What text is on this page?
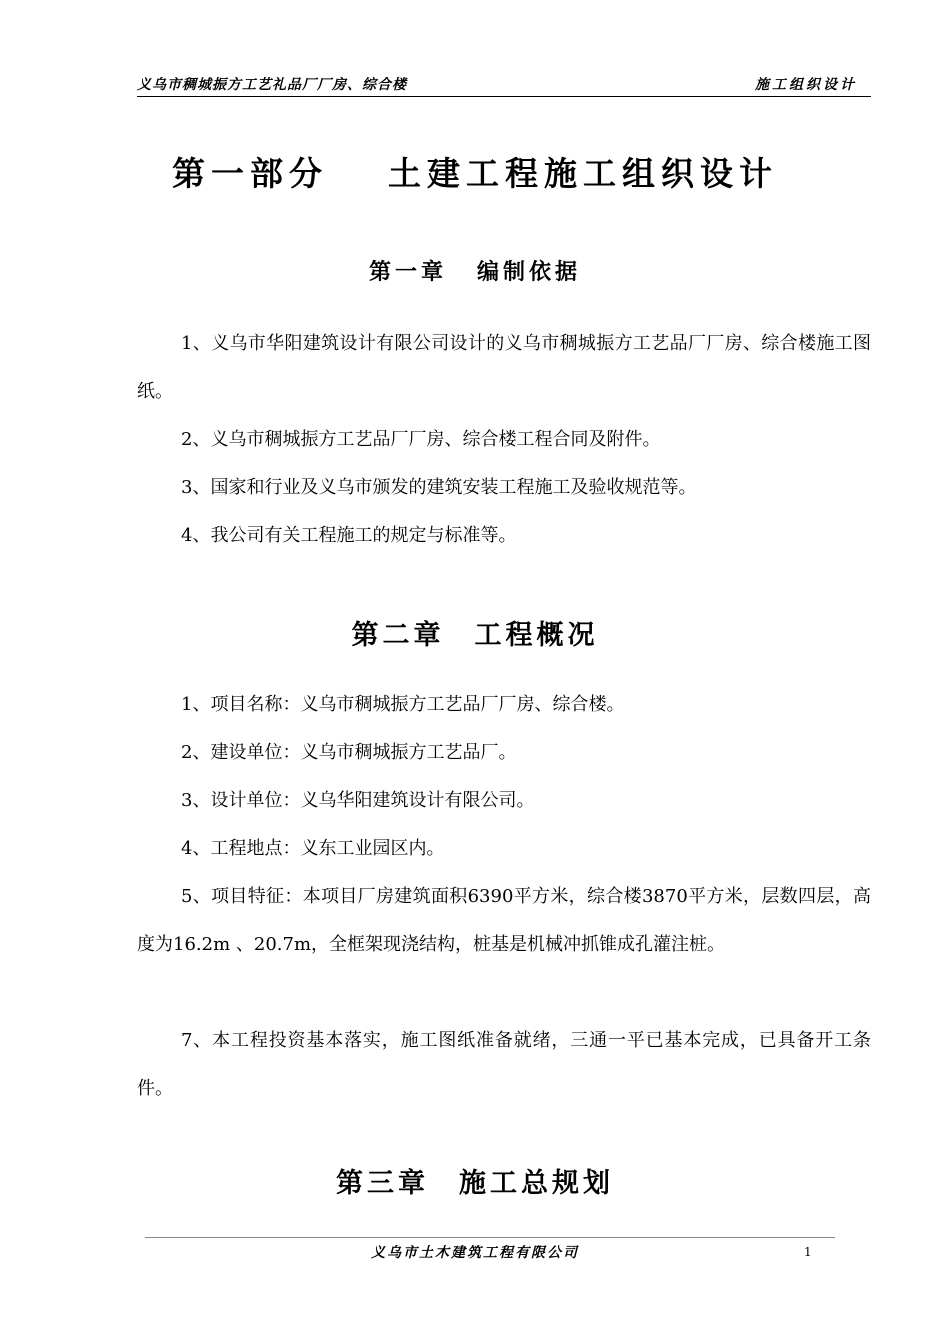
义乌市稠城振方工艺礼品厂厂房、综合楼	施工组织设计
第一部分 土建工程施工组织设计
第一章 编制依据
1、义乌市华阳建筑设计有限公司设计的义乌市稠城振方工艺品厂厂房、综合楼施工图纸。
2、义乌市稠城振方工艺品厂厂房、综合楼工程合同及附件。
3、国家和行业及义乌市颁发的建筑安装工程施工及验收规范等。
4、我公司有关工程施工的规定与标准等。
第二章 工程概况
1、项目名称：义乌市稠城振方工艺品厂厂房、综合楼。
2、建设单位：义乌市稠城振方工艺品厂。
3、设计单位：义乌华阳建筑设计有限公司。
4、工程地点：义东工业园区内。
5、项目特征：本项目厂房建筑面积6390平方米，综合楼3870平方米，层数四层，高度为16.2m 、20.7m，全框架现浇结构，桩基是机械冲抓锥成孔灌注桩。
7、本工程投资基本落实，施工图纸准备就绪，三通一平已基本完成，已具备开工条件。
第三章 施工总规划
义乌市土木建筑工程有限公司	1
